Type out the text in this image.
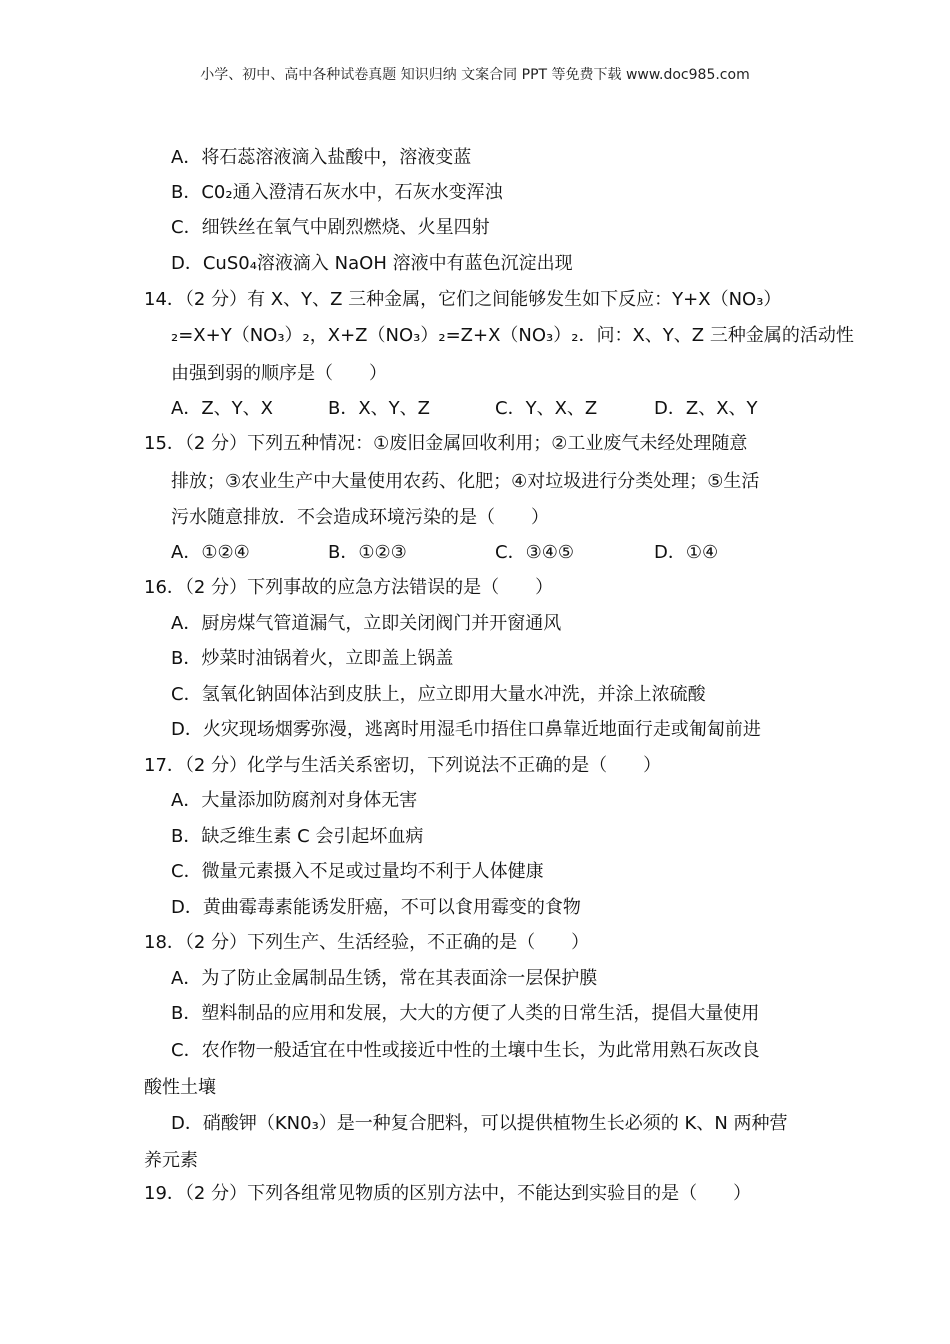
小学、初中、高中各种试卷真题 知识归纳 文案合同 PPT 等免费下载 www.doc985.com
A．将石蕊溶液滴入盐酸中，溶液变蓝
B．C0₂通入澄清石灰水中，石灰水变浑浊
C．细铁丝在氧气中剧烈燃烧、火星四射
D．CuS0₄溶液滴入 NaOH 溶液中有蓝色沉淀出现
14．（2 分）有 X、Y、Z 三种金属，它们之间能够发生如下反应：Y+X（NO₃）
₂=X+Y（NO₃）₂，X+Z（NO₃）₂=Z+X（NO₃）₂．问：X、Y、Z 三种金属的活动性
由强到弱的顺序是（　　）
A．Z、Y、X	B．X、Y、Z	C．Y、X、Z	D．Z、X、Y
15．（2 分）下列五种情况：①废旧金属回收利用；②工业废气未经处理随意
排放；③农业生产中大量使用农药、化肥；④对垃圾进行分类处理；⑤生活
污水随意排放．不会造成环境污染的是（　　）
A．①②④	B．①②③	C．③④⑤	D．①④
16．（2 分）下列事故的应急方法错误的是（　　）
A．厨房煤气管道漏气，立即关闭阀门并开窗通风
B．炒菜时油锅着火，立即盖上锅盖
C．氢氧化钠固体沾到皮肤上，应立即用大量水冲洗，并涂上浓硫酸
D．火灾现场烟雾弥漫，逃离时用湿毛巾捂住口鼻靠近地面行走或匍匐前进
17．（2 分）化学与生活关系密切，下列说法不正确的是（　　）
A．大量添加防腐剂对身体无害
B．缺乏维生素 C 会引起坏血病
C．微量元素摄入不足或过量均不利于人体健康
D．黄曲霉毒素能诱发肝癌，不可以食用霉变的食物
18．（2 分）下列生产、生活经验，不正确的是（　　）
A．为了防止金属制品生锈，常在其表面涂一层保护膜
B．塑料制品的应用和发展，大大的方便了人类的日常生活，提倡大量使用
C．农作物一般适宜在中性或接近中性的土壤中生长，为此常用熟石灰改良
酸性土壤
D．硝酸钾（KN0₃）是一种复合肥料，可以提供植物生长必须的 K、N 两种营
养元素
19．（2 分）下列各组常见物质的区别方法中，不能达到实验目的是（　　）
